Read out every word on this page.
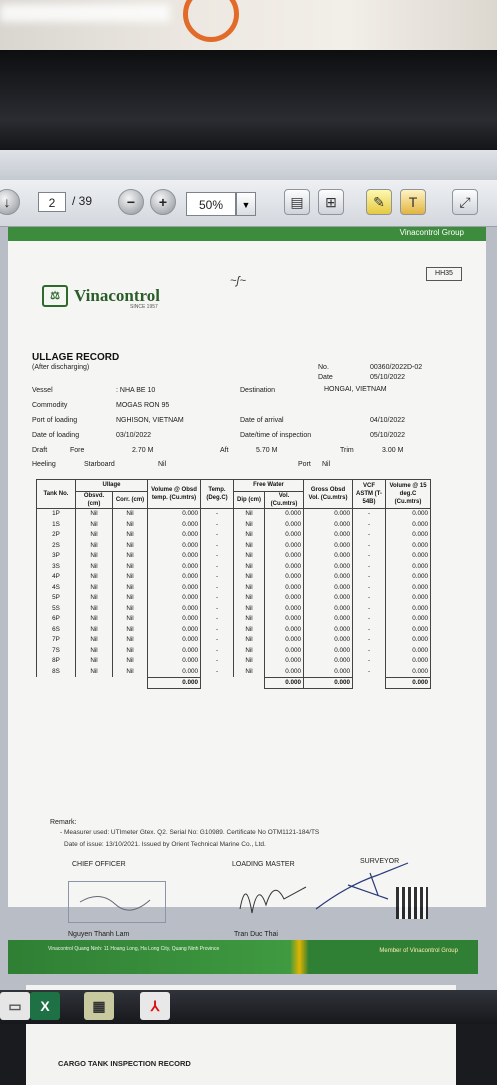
↓	2	/ 39	−	+	50%	▼	▤	⊞	✎	T	⤢
Vinacontrol Group
⚖ Vinacontrol
SINCE 1957
~ʃ~
HH35
ULLAGE RECORD
(After discharging)	No.	00360/2022D-02
Date	05/10/2022
Vessel	: NHA BE 10	Destination	HONGAI, VIETNAM
Commodity	MOGAS RON 95
Port of loading	NGHISON, VIETNAM	Date of arrival	04/10/2022
Date of loading	03/10/2022	Date/time of inspection	05/10/2022
Draft	Fore	2.70 M	Aft	5.70 M	Trim	3.00 M
Heeling	Starboard	Nil	Port Nil
Tank No.	Ullage		Volume @ Obsd temp. (Cu.mtrs)	Temp. (Deg.C)	Free Water		Gross Obsd Vol. (Cu.mtrs)	VCF ASTM (T-54B)	Volume @ 15 deg.C (Cu.mtrs)
	Obsvd. (cm)	Corr. (cm)			Dip (cm)	Vol. (Cu.mtrs)			
1P	Nil	Nil	0.000	-	Nil	0.000	0.000	-	0.000
1S	Nil	Nil	0.000	-	Nil	0.000	0.000	-	0.000
2P	Nil	Nil	0.000	-	Nil	0.000	0.000	-	0.000
2S	Nil	Nil	0.000	-	Nil	0.000	0.000	-	0.000
3P	Nil	Nil	0.000	-	Nil	0.000	0.000	-	0.000
3S	Nil	Nil	0.000	-	Nil	0.000	0.000	-	0.000
4P	Nil	Nil	0.000	-	Nil	0.000	0.000	-	0.000
4S	Nil	Nil	0.000	-	Nil	0.000	0.000	-	0.000
5P	Nil	Nil	0.000	-	Nil	0.000	0.000	-	0.000
5S	Nil	Nil	0.000	-	Nil	0.000	0.000	-	0.000
6P	Nil	Nil	0.000	-	Nil	0.000	0.000	-	0.000
6S	Nil	Nil	0.000	-	Nil	0.000	0.000	-	0.000
7P	Nil	Nil	0.000	-	Nil	0.000	0.000	-	0.000
7S	Nil	Nil	0.000	-	Nil	0.000	0.000	-	0.000
8P	Nil	Nil	0.000	-	Nil	0.000	0.000	-	0.000
8S	Nil	Nil	0.000	-	Nil	0.000	0.000	-	0.000
			0.000			0.000	0.000		0.000
Remark:
- Measurer used: UTImeter Gtex. Q2. Serial No: G10989. Certificate No OTM1121-184/TS
Date of issue: 13/10/2021. Issued by Orient Technical Marine Co., Ltd.
CHIEF OFFICER	LOADING MASTER	SURVEYOR
Nguyen Thanh Lam	Tran Duc Thai
Vinacontrol Quang Ninh: 11 Hoang Long, Ha Long City, Quang Ninh Province	Member of Vinacontrol Group
CARGO TANK INSPECTION RECORD
▭	X	▦	⅄
